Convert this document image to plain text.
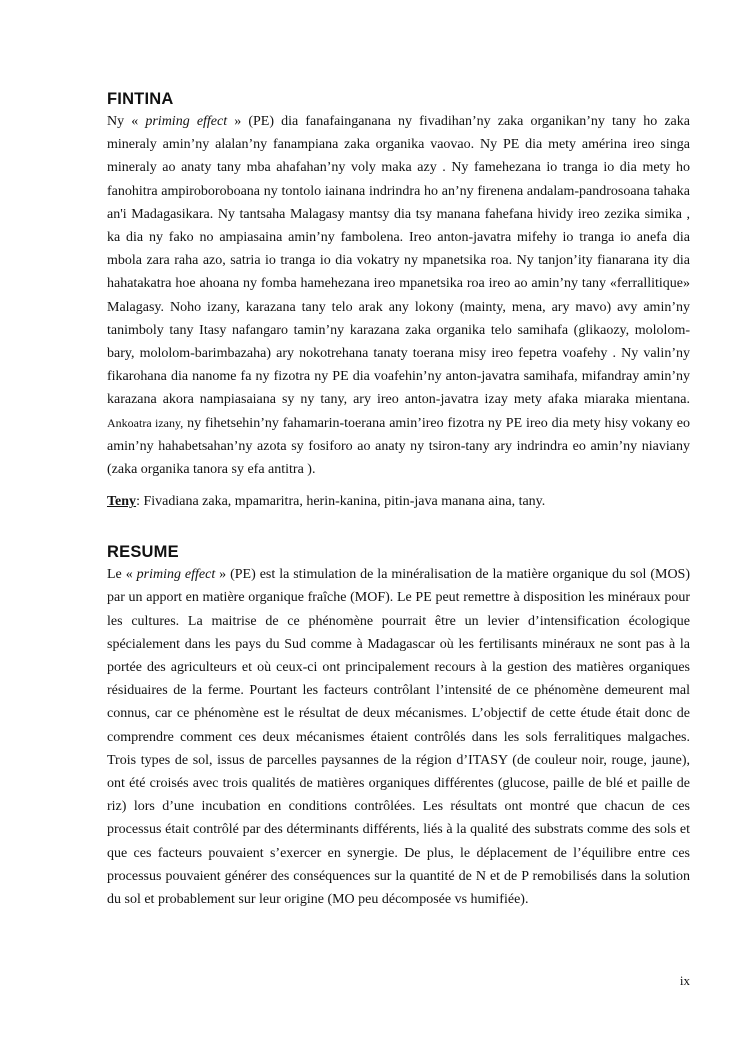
FINTINA

Ny « priming effect » (PE) dia fanafainganana ny fivadihan’ny zaka organikan’ny tany ho zaka mineraly amin’ny alalan’ny fanampiana zaka organika vaovao. Ny PE dia mety amérina ireo singa mineraly ao anaty tany mba ahafahan’ny voly maka azy . Ny famehezana io tranga io dia mety ho fanohitra ampiroboroboana ny tontolo iainana indrindra ho an’ny firenena andalam-pandrosoana tahaka an'i Madagasikara. Ny tantsaha Malagasy mantsy dia tsy manana fahefana hividy ireo zezika simika , ka dia ny fako no ampiasaina amin’ny fambolena. Ireo anton-javatra mifehy io tranga io anefa dia mbola zara raha azo, satria io tranga io dia vokatry ny mpanetsika roa. Ny tanjon’ity fianarana ity dia hahatakatra hoe ahoana ny fomba hamehezana ireo mpanetsika roa ireo ao amin’ny tany «ferrallitique» Malagasy. Noho izany, karazana tany telo arak any lokony (mainty, mena, ary mavo) avy amin’ny tanimboly tany Itasy nafangaro tamin’ny karazana zaka organika telo samihafa (glikaozy, mololom-bary, mololom-barimbazaha) ary nokotrehana tanaty toerana misy ireo fepetra voafehy . Ny valin’ny fikarohana dia nanome fa ny fizotra ny PE dia voafehin’ny anton-javatra samihafa, mifandray amin’ny karazana akora nampiasaiana sy ny tany, ary ireo anton-javatra izay mety afaka miaraka mientana. Ankoatra izany, ny fihetsehin’ny fahamarin-toerana amin’ireo fizotra ny PE ireo dia mety hisy vokany eo amin’ny hahabetsahan’ny azota sy fosiforo ao anaty ny tsiron-tany ary indrindra eo amin’ny niaviany (zaka organika tanora sy efa antitra ).

Teny: Fivadiana zaka, mpamaritra, herin-kanina, pitin-java manana aina, tany.

RESUME

Le « priming effect » (PE) est la stimulation de la minéralisation de la matière organique du sol (MOS) par un apport en matière organique fraîche (MOF). Le PE peut remettre à disposition les minéraux pour les cultures. La maitrise de ce phénomène pourrait être un levier d’intensification écologique spécialement dans les pays du Sud comme à Madagascar où les fertilisants minéraux ne sont pas à la portée des agriculteurs et où ceux-ci ont principalement recours à la gestion des matières organiques résiduaires de la ferme. Pourtant les facteurs contrôlant l’intensité de ce phénomène demeurent mal connus, car ce phénomène est le résultat de deux mécanismes. L’objectif de cette étude était donc de comprendre comment ces deux mécanismes étaient contrôlés dans les sols ferralitiques malgaches. Trois types de sol, issus de parcelles paysannes de la région d’ITASY (de couleur noir, rouge, jaune), ont été croisés avec trois qualités de matières organiques différentes (glucose, paille de blé et paille de riz) lors d’une incubation en conditions contrôlées. Les résultats ont montré que chacun de ces processus était contrôlé par des déterminants différents, liés à la qualité des substrats comme des sols et que ces facteurs pouvaient s’exercer en synergie. De plus, le déplacement de l’équilibre entre ces processus pouvaient générer des conséquences sur la quantité de N et de P remobilisés dans la solution du sol et probablement sur leur origine (MO peu décomposée vs humifiée).

ix
